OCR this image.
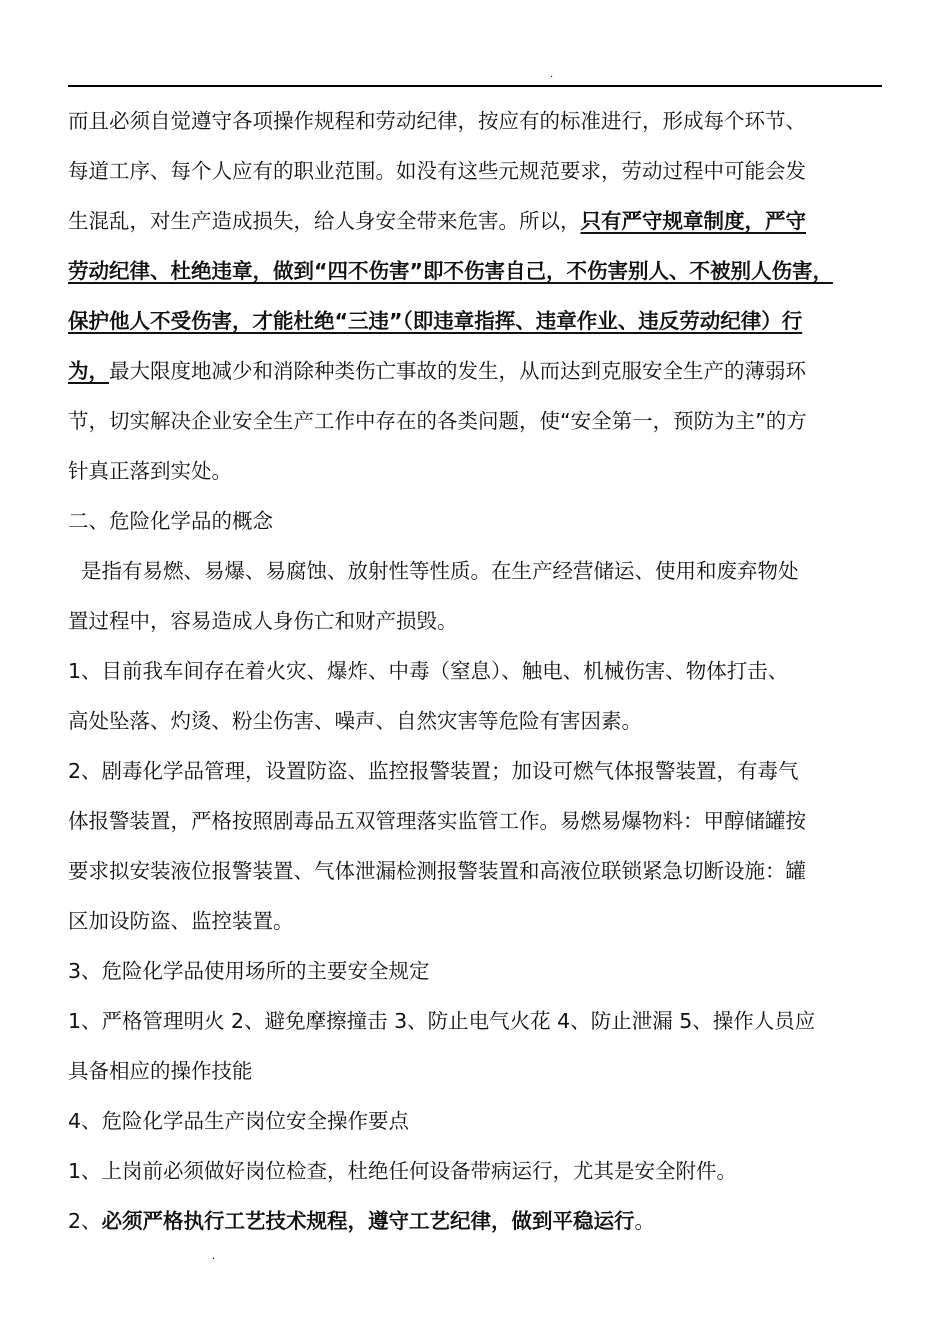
.
而且必须自觉遵守各项操作规程和劳动纪律，按应有的标准进行，形成每个环节、
每道工序、每个人应有的职业范围。如没有这些元规范要求，劳动过程中可能会发
生混乱，对生产造成损失，给人身安全带来危害。所以，只有严守规章制度，严守
劳动纪律、杜绝违章，做到“四不伤害”即不伤害自己，不伤害别人、不被别人伤害，
保护他人不受伤害，才能杜绝“三违”（即违章指挥、违章作业、违反劳动纪律）行
为，最大限度地减少和消除种类伤亡事故的发生，从而达到克服安全生产的薄弱环
节，切实解决企业安全生产工作中存在的各类问题，使“安全第一，预防为主”的方
针真正落到实处。
二、危险化学品的概念
是指有易燃、易爆、易腐蚀、放射性等性质。在生产经营储运、使用和废弃物处
置过程中，容易造成人身伤亡和财产损毁。
1、目前我车间存在着火灾、爆炸、中毒（窒息）、触电、机械伤害、物体打击、
高处坠落、灼烫、粉尘伤害、噪声、自然灾害等危险有害因素。
2、剧毒化学品管理，设置防盗、监控报警装置；加设可燃气体报警装置，有毒气
体报警装置，严格按照剧毒品五双管理落实监管工作。易燃易爆物料：甲醇储罐按
要求拟安装液位报警装置、气体泄漏检测报警装置和高液位联锁紧急切断设施：罐
区加设防盗、监控装置。
3、危险化学品使用场所的主要安全规定
1、严格管理明火 2、避免摩擦撞击 3、防止电气火花 4、防止泄漏 5、操作人员应
具备相应的操作技能
4、危险化学品生产岗位安全操作要点
1、上岗前必须做好岗位检查，杜绝任何设备带病运行，尤其是安全附件。
2、必须严格执行工艺技术规程，遵守工艺纪律，做到平稳运行。
.
